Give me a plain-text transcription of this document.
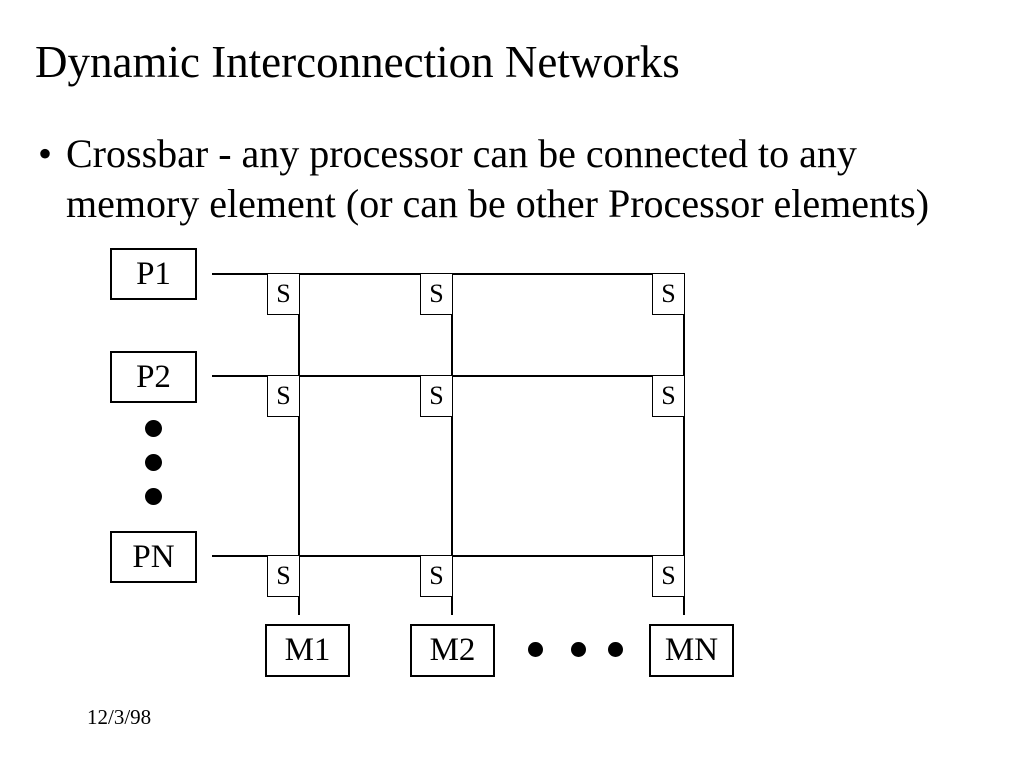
Dynamic Interconnection Networks
• Crossbar - any processor can be connected to any memory element (or can be other Processor elements)
P1
P2
PN
S	S	S
S	S	S
S	S	S
M1	M2	MN
12/3/98
